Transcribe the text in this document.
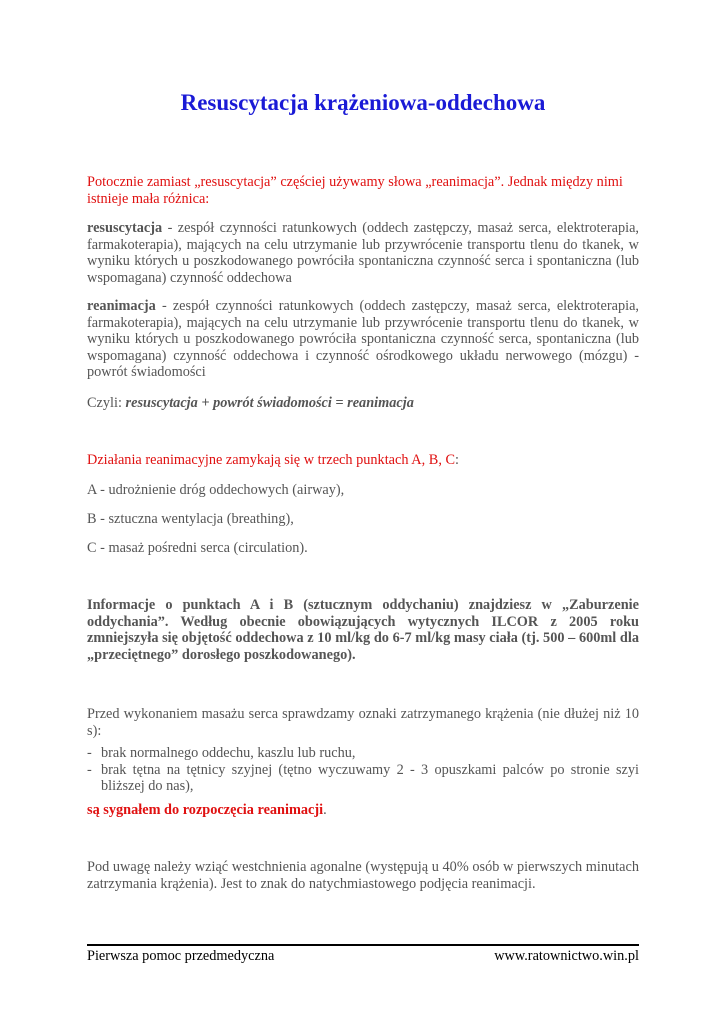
Resuscytacja krążeniowa-oddechowa

Potocznie zamiast „resuscytacja” częściej używamy słowa „reanimacja”. Jednak między nimi istnieje mała różnica:

resuscytacja - zespół czynności ratunkowych (oddech zastępczy, masaż serca, elektroterapia, farmakoterapia), mających na celu utrzymanie lub przywrócenie transportu tlenu do tkanek, w wyniku których u poszkodowanego powróciła spontaniczna czynność serca i spontaniczna (lub wspomagana) czynność oddechowa

reanimacja - zespół czynności ratunkowych (oddech zastępczy, masaż serca, elektroterapia, farmakoterapia), mających na celu utrzymanie lub przywrócenie transportu tlenu do tkanek, w wyniku których u poszkodowanego powróciła spontaniczna czynność serca, spontaniczna (lub wspomagana) czynność oddechowa i czynność ośrodkowego układu nerwowego (mózgu) - powrót świadomości

Czyli: resuscytacja + powrót świadomości = reanimacja

Działania reanimacyjne zamykają się w trzech punktach A, B, C:

A - udrożnienie dróg oddechowych (airway),

B - sztuczna wentylacja (breathing),

C - masaż pośredni serca (circulation).

Informacje o punktach A i B (sztucznym oddychaniu) znajdziesz w „Zaburzenie oddychania”. Według obecnie obowiązujących wytycznych ILCOR z 2005 roku zmniejszyła się objętość oddechowa z 10 ml/kg do 6-7 ml/kg masy ciała (tj. 500 – 600ml dla „przeciętnego” dorosłego poszkodowanego).

Przed wykonaniem masażu serca sprawdzamy oznaki zatrzymanego krążenia (nie dłużej niż 10 s):

- brak normalnego oddechu, kaszlu lub ruchu,
- brak tętna na tętnicy szyjnej (tętno wyczuwamy 2 - 3 opuszkami palców po stronie szyi bliższej do nas),

są sygnałem do rozpoczęcia reanimacji.

Pod uwagę należy wziąć westchnienia agonalne (występują u 40% osób w pierwszych minutach zatrzymania krążenia). Jest to znak do natychmiastowego podjęcia reanimacji.

Pierwsza pomoc przedmedyczna	www.ratownictwo.win.pl
